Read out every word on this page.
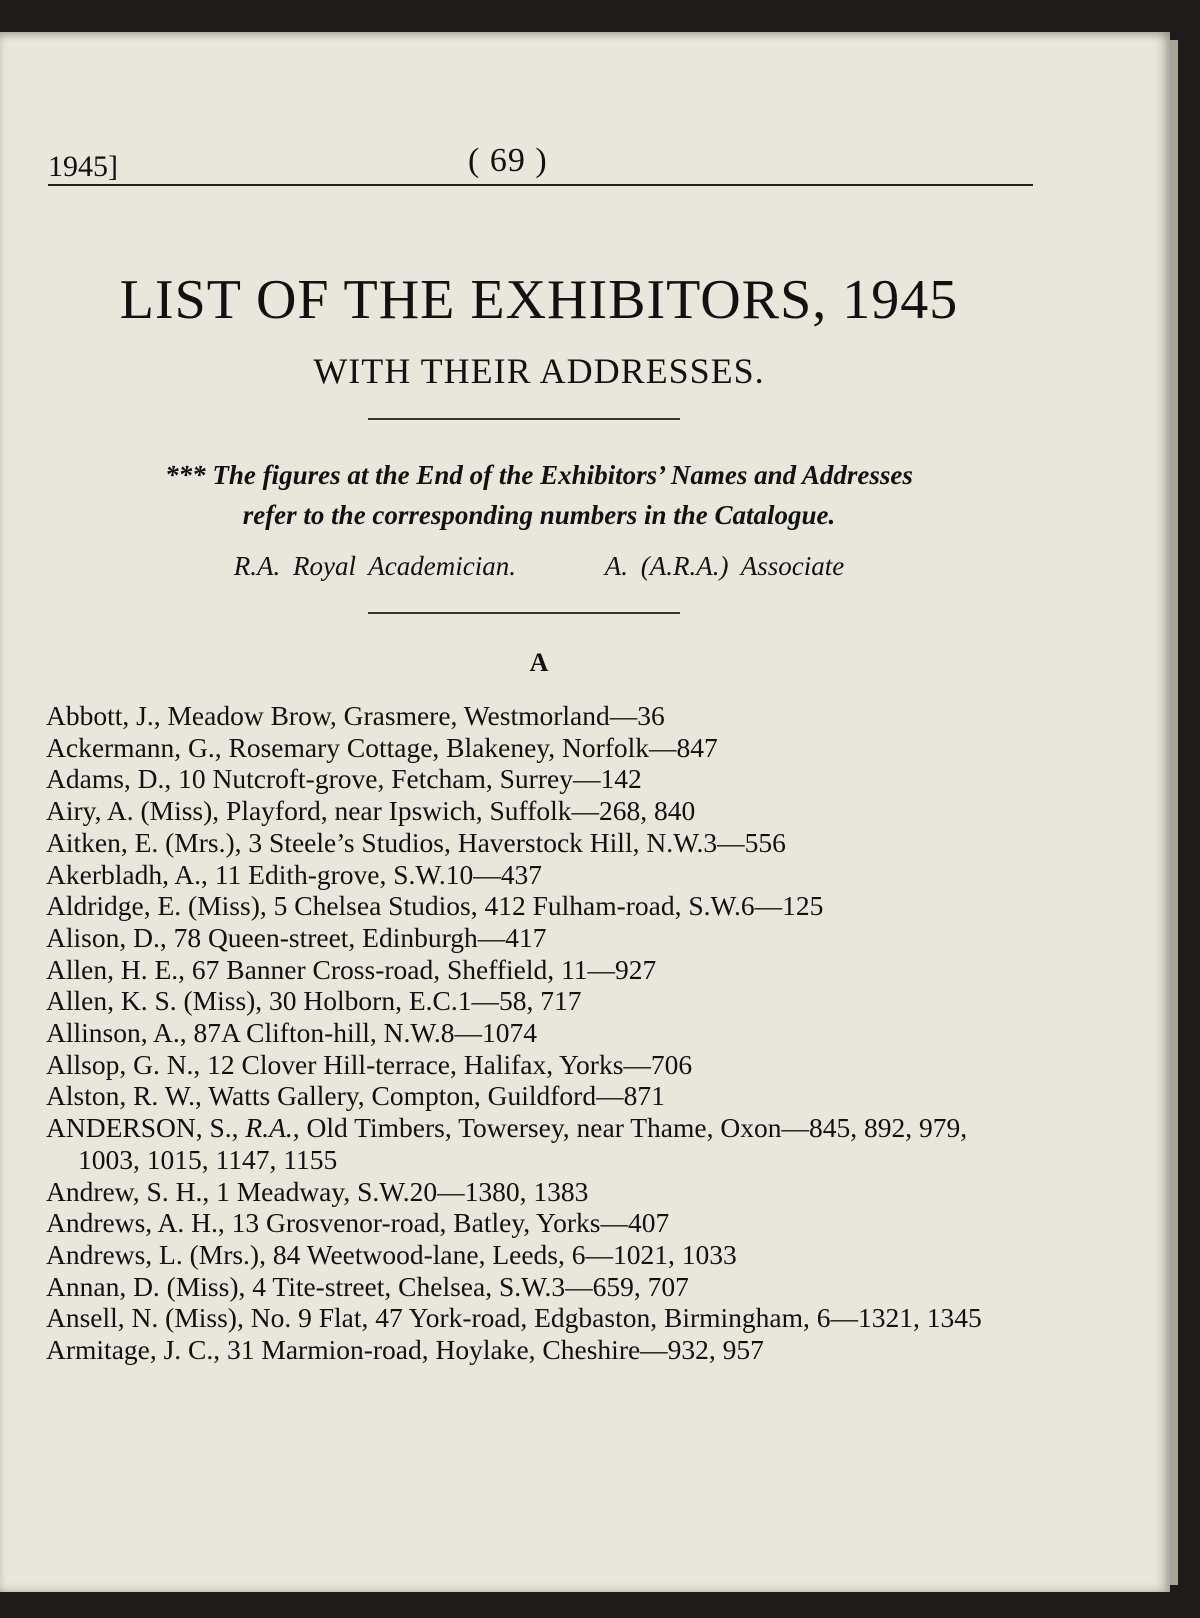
1945]	( 69 )
LIST OF THE EXHIBITORS, 1945
WITH THEIR ADDRESSES.
*** The figures at the End of the Exhibitors’ Names and Addresses
refer to the corresponding numbers in the Catalogue.
R.A. Royal Academician.	A. (A.R.A.) Associate
A
Abbott, J., Meadow Brow, Grasmere, Westmorland—36
Ackermann, G., Rosemary Cottage, Blakeney, Norfolk—847
Adams, D., 10 Nutcroft-grove, Fetcham, Surrey—142
Airy, A. (Miss), Playford, near Ipswich, Suffolk—268, 840
Aitken, E. (Mrs.), 3 Steele’s Studios, Haverstock Hill, N.W.3—556
Akerbladh, A., 11 Edith-grove, S.W.10—437
Aldridge, E. (Miss), 5 Chelsea Studios, 412 Fulham-road, S.W.6—125
Alison, D., 78 Queen-street, Edinburgh—417
Allen, H. E., 67 Banner Cross-road, Sheffield, 11—927
Allen, K. S. (Miss), 30 Holborn, E.C.1—58, 717
Allinson, A., 87A Clifton-hill, N.W.8—1074
Allsop, G. N., 12 Clover Hill-terrace, Halifax, Yorks—706
Alston, R. W., Watts Gallery, Compton, Guildford—871
ANDERSON, S., R.A., Old Timbers, Towersey, near Thame, Oxon—845, 892, 979, 1003, 1015, 1147, 1155
Andrew, S. H., 1 Meadway, S.W.20—1380, 1383
Andrews, A. H., 13 Grosvenor-road, Batley, Yorks—407
Andrews, L. (Mrs.), 84 Weetwood-lane, Leeds, 6—1021, 1033
Annan, D. (Miss), 4 Tite-street, Chelsea, S.W.3—659, 707
Ansell, N. (Miss), No. 9 Flat, 47 York-road, Edgbaston, Birmingham, 6—1321, 1345
Armitage, J. C., 31 Marmion-road, Hoylake, Cheshire—932, 957
